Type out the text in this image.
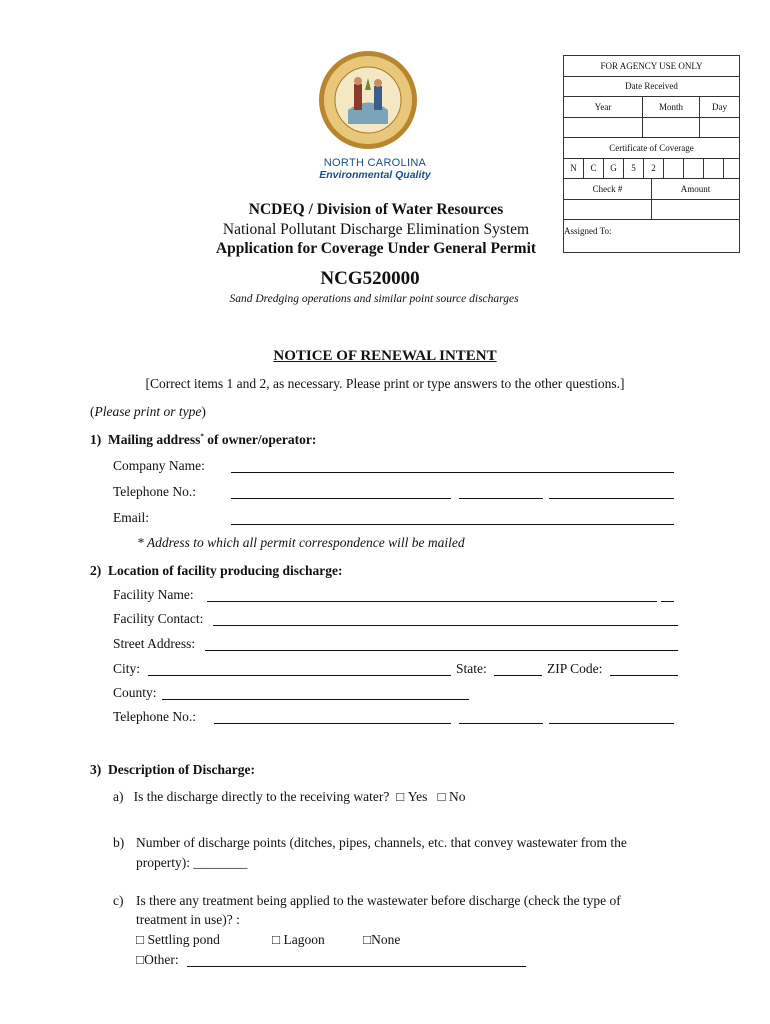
NORTH CAROLINA
Environmental Quality
FOR AGENCY USE ONLY
Date Received
Year	Month	Day
Certificate of Coverage
N	C	G	5	2
Check #	Amount
Assigned To:
NCDEQ / Division of Water Resources
National Pollutant Discharge Elimination System
Application for Coverage Under General Permit
NCG520000
Sand Dredging operations and similar point source discharges
NOTICE OF RENEWAL INTENT
[Correct items 1 and 2, as necessary. Please print or type answers to the other questions.]
(Please print or type)
1) Mailing address* of owner/operator:
Company Name:
Telephone No.:
Email:
* Address to which all permit correspondence will be mailed
2) Location of facility producing discharge:
Facility Name:
Facility Contact:
Street Address:
City:	State:	ZIP Code:
County:
Telephone No.:
3) Description of Discharge:
a) Is the discharge directly to the receiving water? □ Yes □ No
b) Number of discharge points (ditches, pipes, channels, etc. that convey wastewater from the
property): ________
c) Is there any treatment being applied to the wastewater before discharge (check the type of
treatment in use)? :
□ Settling pond	□ Lagoon	□None
□Other:
